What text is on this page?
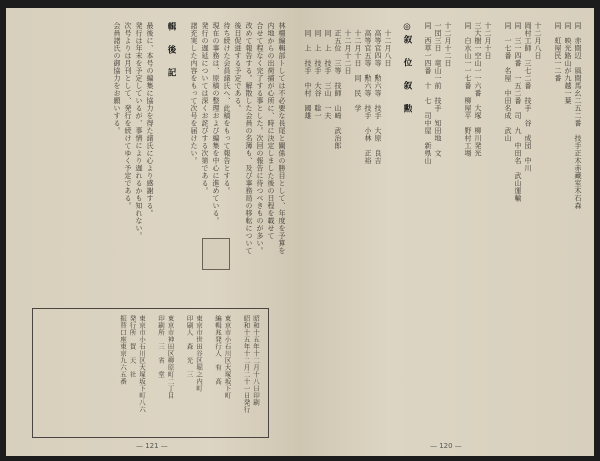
林橿編輯部トしては不必要な長尾と關係の勝目として、年度を予算を
内地からの出荷捕が心所に、時に決定しました後の日程を載せて
合せて程なく完了する事とした。次回の報告に待つべきものが多い。
改めて報告する。解散した会員の名簿も、及び事務局の移転について
後日促进する予定である。
待ち続けた会員諸氏へ、此稿をもって報告とする。
現在の事務は、原稿の整理および編集を中心に進めている。
発行の遅延については深くお詫びする次第である。
諸充実した内容をもって次号を届けたい。

輯　後　記

最後に、本号の編集に協力を得た諸氏に心より感謝する。
発行は年末を予定しているが、事情により遅れるかも知れない。
次号よりは月刊として、発行を続けてゆく予定である。
会員諸氏の御協力をお願いする。
昭和十五年十二月十八日印刷
昭和十五年十二月二十一日発行

東京市小石川区大塚坂下町
編輯兆発行人　有　高

東京市世田谷区堀之内町
印刷人　森　光　三

東京市神田区柳原町二丁目
印刷所　三　省　堂

東京市小石川区大塚坂下町八六
発行所　賀　天　社
振替口座東京九六五番
— 121 —
同　赤間辺　風間馬幺二五二番　技手正木赤藏室木石森
同　映光路山が九越一葉
同　虹屋民一二番

十二月八日
岡村工師　三七二番　技手　谷　成団　中川
同　三一四番　一五二番　司　九　中田名　武山運輸
同　一七番　名屋　中田名成　武山

十二月十日
三大樹一空山一一六番　大塚　柳川発光
同　白水山一一七番　柳屋平　野村工場

十二月十二日
一団三日　竜山一前　技手　知田地　文
同　西草一四番　十　七　司中屋　新県山

◎叙　位　叙　勲

　十二月八日
　高等官四等　勲六等　技手　大原　良吉
　高等官五等　勲六等　技手　小林　正裕
　十二月十日　同　民　学
　十二月十二日
　正五位　三等　技師　山崎　武治郎
　同　上　技手　三山　一夫
　同　上　技手　大谷　聡一
　同　上　技手　中村　國雄
— 120 —
